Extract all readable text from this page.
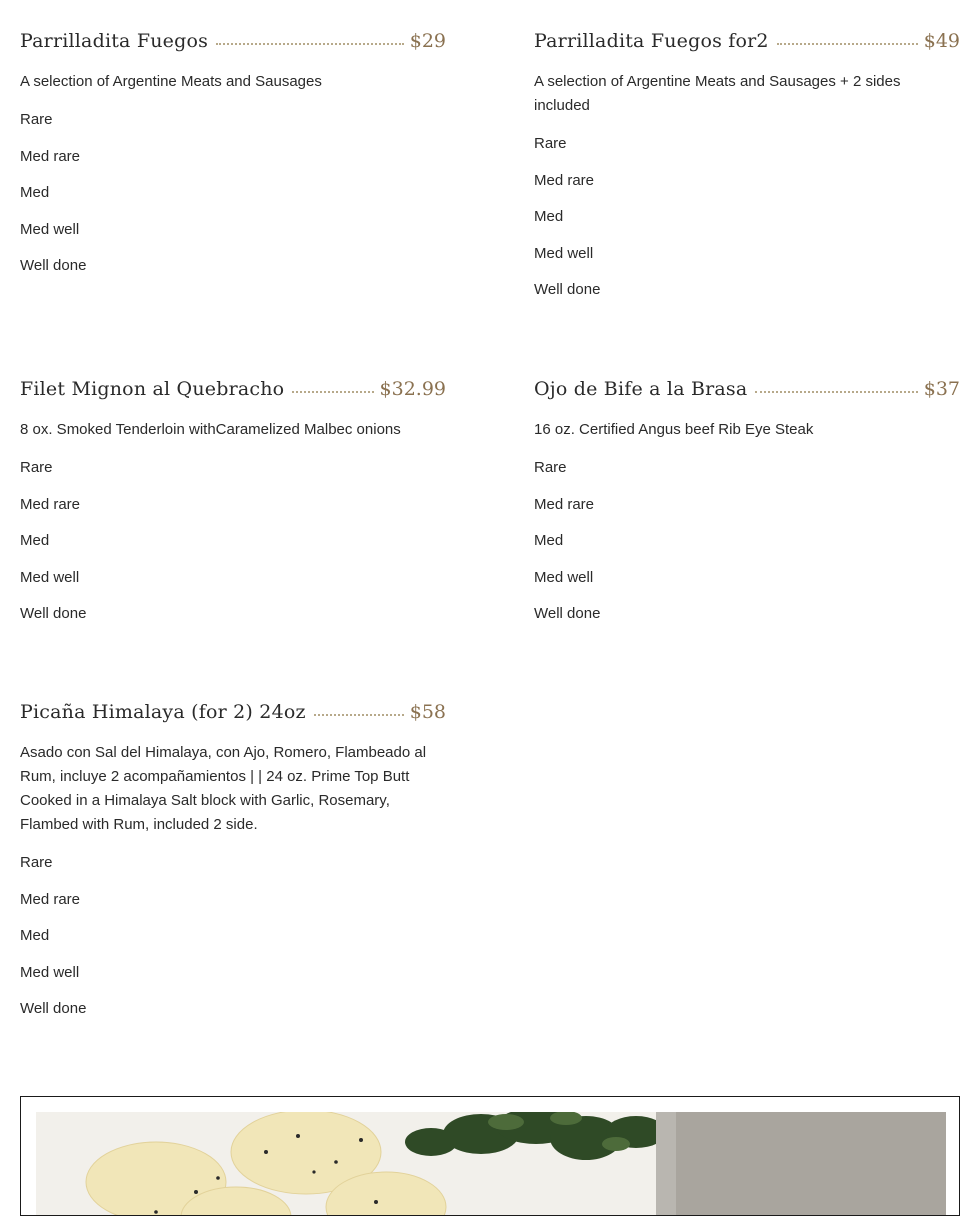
Parrilladita Fuegos	$29
A selection of Argentine Meats and Sausages
Rare
Med rare
Med
Med well
Well done
Parrilladita Fuegos for2	$49
A selection of Argentine Meats and Sausages + 2 sides included
Rare
Med rare
Med
Med well
Well done
Filet Mignon al Quebracho	$32.99
8 ox. Smoked Tenderloin withCaramelized Malbec onions
Rare
Med rare
Med
Med well
Well done
Ojo de Bife a la Brasa	$37
16 oz. Certified Angus beef Rib Eye Steak
Rare
Med rare
Med
Med well
Well done
Picaña Himalaya (for 2) 24oz	$58
Asado con Sal del Himalaya, con Ajo, Romero, Flambeado al Rum, incluye 2 acompañamientos | | 24 oz. Prime Top Butt Cooked in a Himalaya Salt block with Garlic, Rosemary, Flambed with Rum, included 2 side.
Rare
Med rare
Med
Med well
Well done
